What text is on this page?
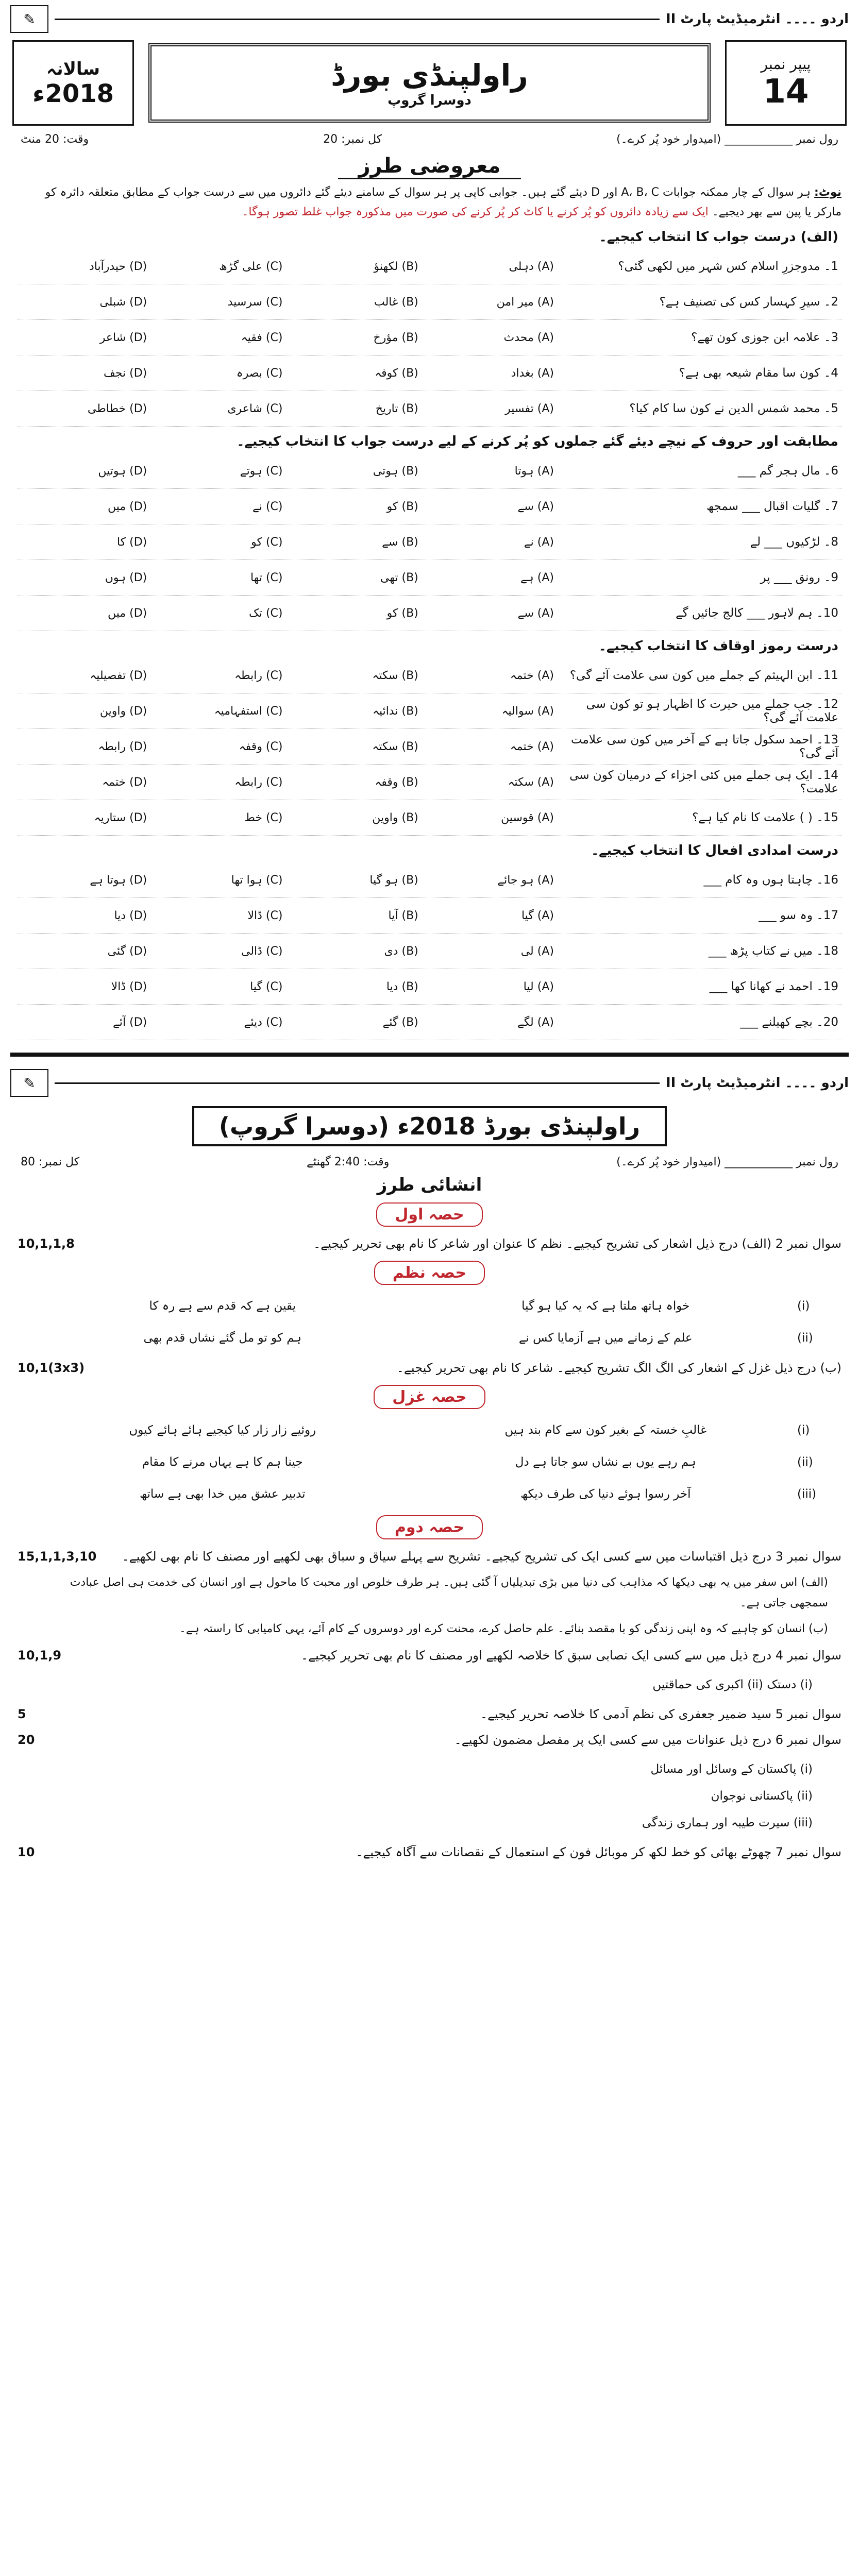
اردو ۔۔۔۔ انٹرمیڈیٹ پارٹ II
✎
پیپر نمبر
14
راولپنڈی بورڈ
دوسرا گروپ
سالانہ
2018ء
رول نمبر ____________ (امیدوار خود پُر کرے۔)
کل نمبر: 20
وقت: 20 منٹ
معروضی طرز
نوٹ: ہر سوال کے چار ممکنہ جوابات A، B، C اور D دیئے گئے ہیں۔ جوابی کاپی پر ہر سوال کے سامنے دیئے گئے دائروں میں سے درست جواب کے مطابق متعلقہ دائرہ کو مارکر یا پین سے بھر دیجیے۔ ایک سے زیادہ دائروں کو پُر کرنے یا کاٹ کر پُر کرنے کی صورت میں مذکورہ جواب غلط تصور ہوگا۔
(الف) درست جواب کا انتخاب کیجیے۔
1۔ مدوجزرِ اسلام کس شہر میں لکھی گئی؟
(A) دہلی
(B) لکھنؤ
(C) علی گڑھ
(D) حیدرآباد
2۔ سیرِ کہسار کس کی تصنیف ہے؟
(A) میر امن
(B) غالب
(C) سرسید
(D) شبلی
3۔ علامہ ابن جوزی کون تھے؟
(A) محدث
(B) مؤرخ
(C) فقیہ
(D) شاعر
4۔ کون سا مقام شیعہ بھی ہے؟
(A) بغداد
(B) کوفہ
(C) بصرہ
(D) نجف
5۔ محمد شمس الدین نے کون سا کام کیا؟
(A) تفسیر
(B) تاریخ
(C) شاعری
(D) خطاطی
مطابقت اور حروف کے نیچے دیئے گئے جملوں کو پُر کرنے کے لیے درست جواب کا انتخاب کیجیے۔
6۔ مال ہجر گم ___
(A) ہوتا
(B) ہوتی
(C) ہوتے
(D) ہوتیں
7۔ گلیات اقبال ___ سمجھ
(A) سے
(B) کو
(C) نے
(D) میں
8۔ لڑکیوں ___ لے
(A) نے
(B) سے
(C) کو
(D) کا
9۔ رونق ___ پر
(A) ہے
(B) تھی
(C) تھا
(D) ہوں
10۔ ہم لاہور ___ کالج جائیں گے
(A) سے
(B) کو
(C) تک
(D) میں
درست رموز اوقاف کا انتخاب کیجیے۔
11۔ ابن الہیثم کے جملے میں کون سی علامت آئے گی؟
(A) ختمہ
(B) سکتہ
(C) رابطہ
(D) تفصیلیہ
12۔ جب جملے میں حیرت کا اظہار ہو تو کون سی علامت آئے گی؟
(A) سوالیہ
(B) ندائیہ
(C) استفہامیہ
(D) واوین
13۔ احمد سکول جاتا ہے کے آخر میں کون سی علامت آئے گی؟
(A) ختمہ
(B) سکتہ
(C) وقفہ
(D) رابطہ
14۔ ایک ہی جملے میں کئی اجزاء کے درمیان کون سی علامت؟
(A) سکتہ
(B) وقفہ
(C) رابطہ
(D) ختمہ
15۔ ( ) علامت کا نام کیا ہے؟
(A) قوسین
(B) واوین
(C) خط
(D) ستاریہ
درست امدادی افعال کا انتخاب کیجیے۔
16۔ چاہتا ہوں وہ کام ___
(A) ہو جائے
(B) ہو گیا
(C) ہوا تھا
(D) ہوتا ہے
17۔ وہ سو ___
(A) گیا
(B) آیا
(C) ڈالا
(D) دیا
18۔ میں نے کتاب پڑھ ___
(A) لی
(B) دی
(C) ڈالی
(D) گئی
19۔ احمد نے کھانا کھا ___
(A) لیا
(B) دیا
(C) گیا
(D) ڈالا
20۔ بچے کھیلنے ___
(A) لگے
(B) گئے
(C) دیئے
(D) آئے
اردو ۔۔۔۔ انٹرمیڈیٹ پارٹ II
✎
راولپنڈی بورڈ 2018ء (دوسرا گروپ)
رول نمبر ____________ (امیدوار خود پُر کرے۔)
وقت: 2:40 گھنٹے
کل نمبر: 80
انشائی طرز
حصہ اول
سوال نمبر 2 (الف) درج ذیل اشعار کی تشریح کیجیے۔ نظم کا عنوان اور شاعر کا نام بھی تحریر کیجیے۔
10,1,1,8
حصہ نظم
(i)
خواہ ہاتھ ملتا ہے کہ یہ کیا ہو گیا
یقین ہے کہ قدم سے ہے رہ کا
(ii)
علم کے زمانے میں ہے آزمایا کس نے
ہم کو تو مل گئے نشاں قدم بھی
(ب) درج ذیل غزل کے اشعار کی الگ الگ تشریح کیجیے۔ شاعر کا نام بھی تحریر کیجیے۔
10,1(3x3)
حصہ غزل
(i)
غالبِ خستہ کے بغیر کون سے کام بند ہیں
روئیے زار زار کیا کیجیے ہائے ہائے کیوں
(ii)
ہم رہے یوں بے نشاں سو جاتا ہے دل
جینا ہم کا ہے یہاں مرنے کا مقام
(iii)
آخر رسوا ہوئے دنیا کی طرف دیکھ
تدبیر عشق میں خدا بھی ہے ساتھ
حصہ دوم
سوال نمبر 3 درج ذیل اقتباسات میں سے کسی ایک کی تشریح کیجیے۔ تشریح سے پہلے سیاق و سباق بھی لکھیے اور مصنف کا نام بھی لکھیے۔
15,1,1,3,10
(الف) اس سفر میں یہ بھی دیکھا کہ مذاہب کی دنیا میں بڑی تبدیلیاں آ گئی ہیں۔ ہر طرف خلوص اور محبت کا ماحول ہے اور انسان کی خدمت ہی اصل عبادت سمجھی جاتی ہے۔
(ب) انسان کو چاہیے کہ وہ اپنی زندگی کو با مقصد بنائے۔ علم حاصل کرے، محنت کرے اور دوسروں کے کام آئے، یہی کامیابی کا راستہ ہے۔
سوال نمبر 4 درج ذیل میں سے کسی ایک نصابی سبق کا خلاصہ لکھیے اور مصنف کا نام بھی تحریر کیجیے۔
10,1,9
(i) دستک (ii) اکبری کی حماقتیں
سوال نمبر 5 سید ضمیر جعفری کی نظم آدمی کا خلاصہ تحریر کیجیے۔
5
سوال نمبر 6 درج ذیل عنوانات میں سے کسی ایک پر مفصل مضمون لکھیے۔
20
(i) پاکستان کے وسائل اور مسائل
(ii) پاکستانی نوجوان
(iii) سیرت طیبہ اور ہماری زندگی
سوال نمبر 7 چھوٹے بھائی کو خط لکھ کر موبائل فون کے استعمال کے نقصانات سے آگاہ کیجیے۔
10
